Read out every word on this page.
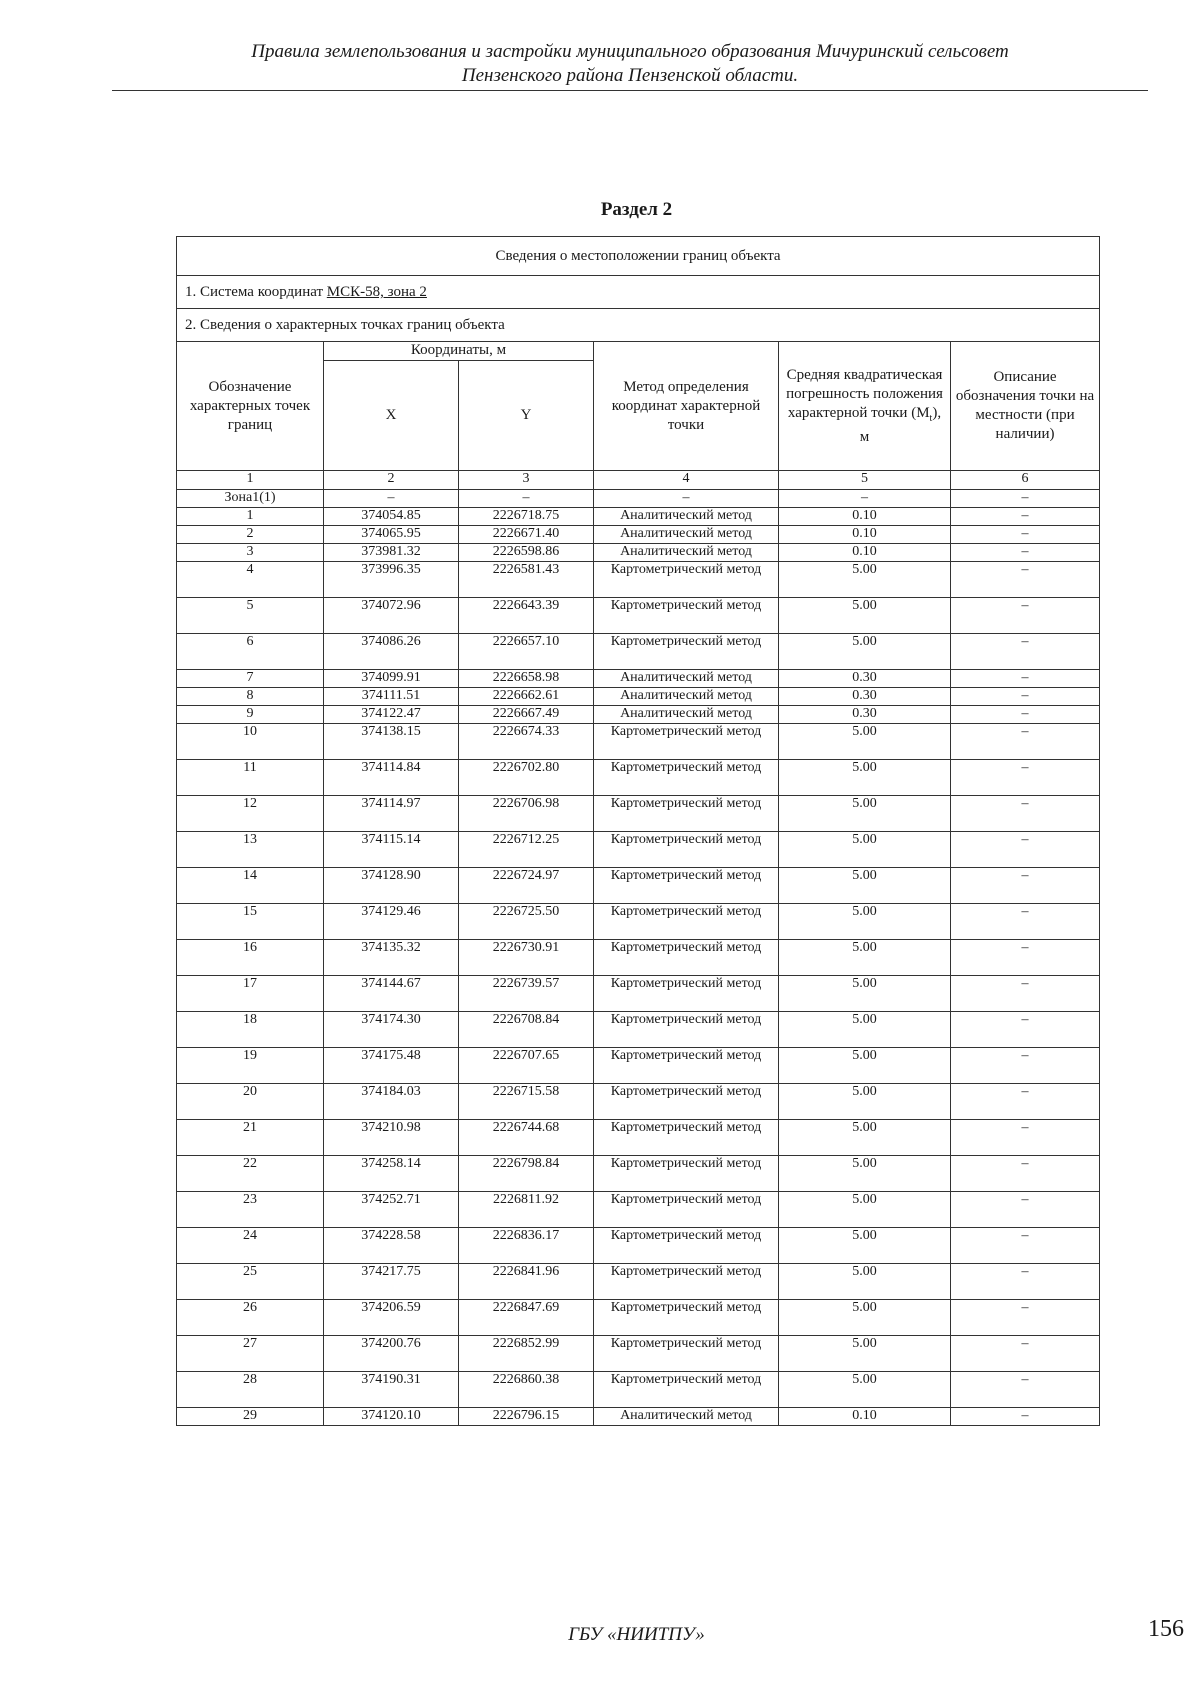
Правила землепользования и застройки муниципального образования Мичуринский сельсовет
Пензенского района Пензенской области.
Раздел 2
Сведения о местоположении границ объекта					
1. Система координат МСК-58, зона 2					
2. Сведения о характерных точках границ объекта					
Обозначение характерных точек границ	Координаты, м		Метод определения координат характерной точки	Средняя квадратическая погрешность положения характерной точки $(M_t)$, м	Описание обозначения точки на местности (при наличии)
	X	Y			
1	2	3	4	5	6
Зона1(1)	–	–	–	–	–
1	374054.85	2226718.75	Аналитический метод	0.10	–
2	374065.95	2226671.40	Аналитический метод	0.10	–
3	373981.32	2226598.86	Аналитический метод	0.10	–
4	373996.35	2226581.43	Картометрический метод	5.00	–
5	374072.96	2226643.39	Картометрический метод	5.00	–
6	374086.26	2226657.10	Картометрический метод	5.00	–
7	374099.91	2226658.98	Аналитический метод	0.30	–
8	374111.51	2226662.61	Аналитический метод	0.30	–
9	374122.47	2226667.49	Аналитический метод	0.30	–
10	374138.15	2226674.33	Картометрический метод	5.00	–
11	374114.84	2226702.80	Картометрический метод	5.00	–
12	374114.97	2226706.98	Картометрический метод	5.00	–
13	374115.14	2226712.25	Картометрический метод	5.00	–
14	374128.90	2226724.97	Картометрический метод	5.00	–
15	374129.46	2226725.50	Картометрический метод	5.00	–
16	374135.32	2226730.91	Картометрический метод	5.00	–
17	374144.67	2226739.57	Картометрический метод	5.00	–
18	374174.30	2226708.84	Картометрический метод	5.00	–
19	374175.48	2226707.65	Картометрический метод	5.00	–
20	374184.03	2226715.58	Картометрический метод	5.00	–
21	374210.98	2226744.68	Картометрический метод	5.00	–
22	374258.14	2226798.84	Картометрический метод	5.00	–
23	374252.71	2226811.92	Картометрический метод	5.00	–
24	374228.58	2226836.17	Картометрический метод	5.00	–
25	374217.75	2226841.96	Картометрический метод	5.00	–
26	374206.59	2226847.69	Картометрический метод	5.00	–
27	374200.76	2226852.99	Картометрический метод	5.00	–
28	374190.31	2226860.38	Картометрический метод	5.00	–
29	374120.10	2226796.15	Аналитический метод	0.10	–
ГБУ «НИИТПУ»	156
